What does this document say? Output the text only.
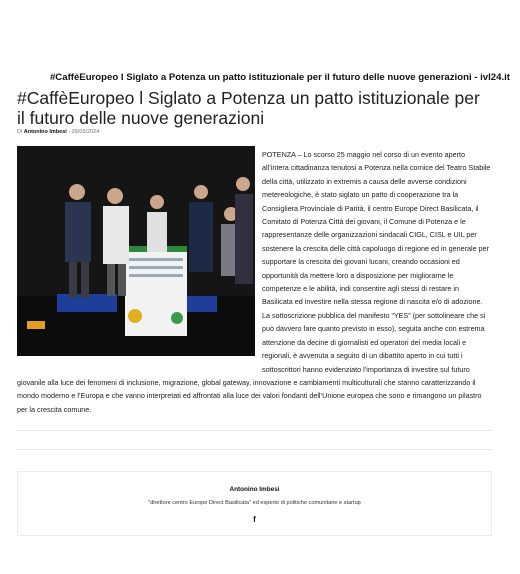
#CaffèEuropeo l Siglato a Potenza un patto istituzionale per il futuro delle nuove generazioni - ivl24.it
#CaffèEuropeo l Siglato a Potenza un patto istituzionale per il futuro delle nuove generazioni
Di Antonino Imbesi - 28/05/2024

POTENZA – Lo scorso 25 maggio nel corso di un evento aperto all’intera cittadinanza tenutosi a Potenza nella cornice del Teatro Stabile della città, utilizzato in extremis a causa delle avverse condizioni metereologiche, è stato siglato un patto di cooperazione tra la Consigliera Provinciale di Parità, il centro Europe Direct Basilicata, il Comitato di Potenza Città dei giovani, il Comune di Potenza e le rappresentanze delle organizzazioni sindacali CIGL, CISL e UIL per sostenere la crescita delle città capoluogo di regione ed in generale per supportare la crescita dei giovani lucani, creando occasioni ed opportunità da mettere loro a disposizione per migliorarne le competenze e le abilità, indi consentire agli stessi di restare in Basilicata ed investire nella stessa regione di nascita e/o di adozione. La sottoscrizione pubblica del manifesto “YES” (per sottolineare che si può davvero fare quanto previsto in esso), seguita anche con estrema attenzione da decine di giornalisti ed operatori dei media locali e regionali, è avvenuta a seguito di un dibattito aperto in cui tutti i sottoscrittori hanno evidenziato l’importanza di investire sul futuro giovanile alla luce dei fenomeni di inclusione, migrazione, global gateway, innovazione e cambiamenti multiculturali che stanno caratterizzando il mondo moderno e l’Europa e che vanno interpretati ed affrontati alla luce dei valori fondanti dell’Unione europea che sono e rimangono un pilastro per la crescita comune.

Antonino Imbesi
"direttore centro Europe Direct Basilicata" ed esperto di politiche comunitarie e startup
f
